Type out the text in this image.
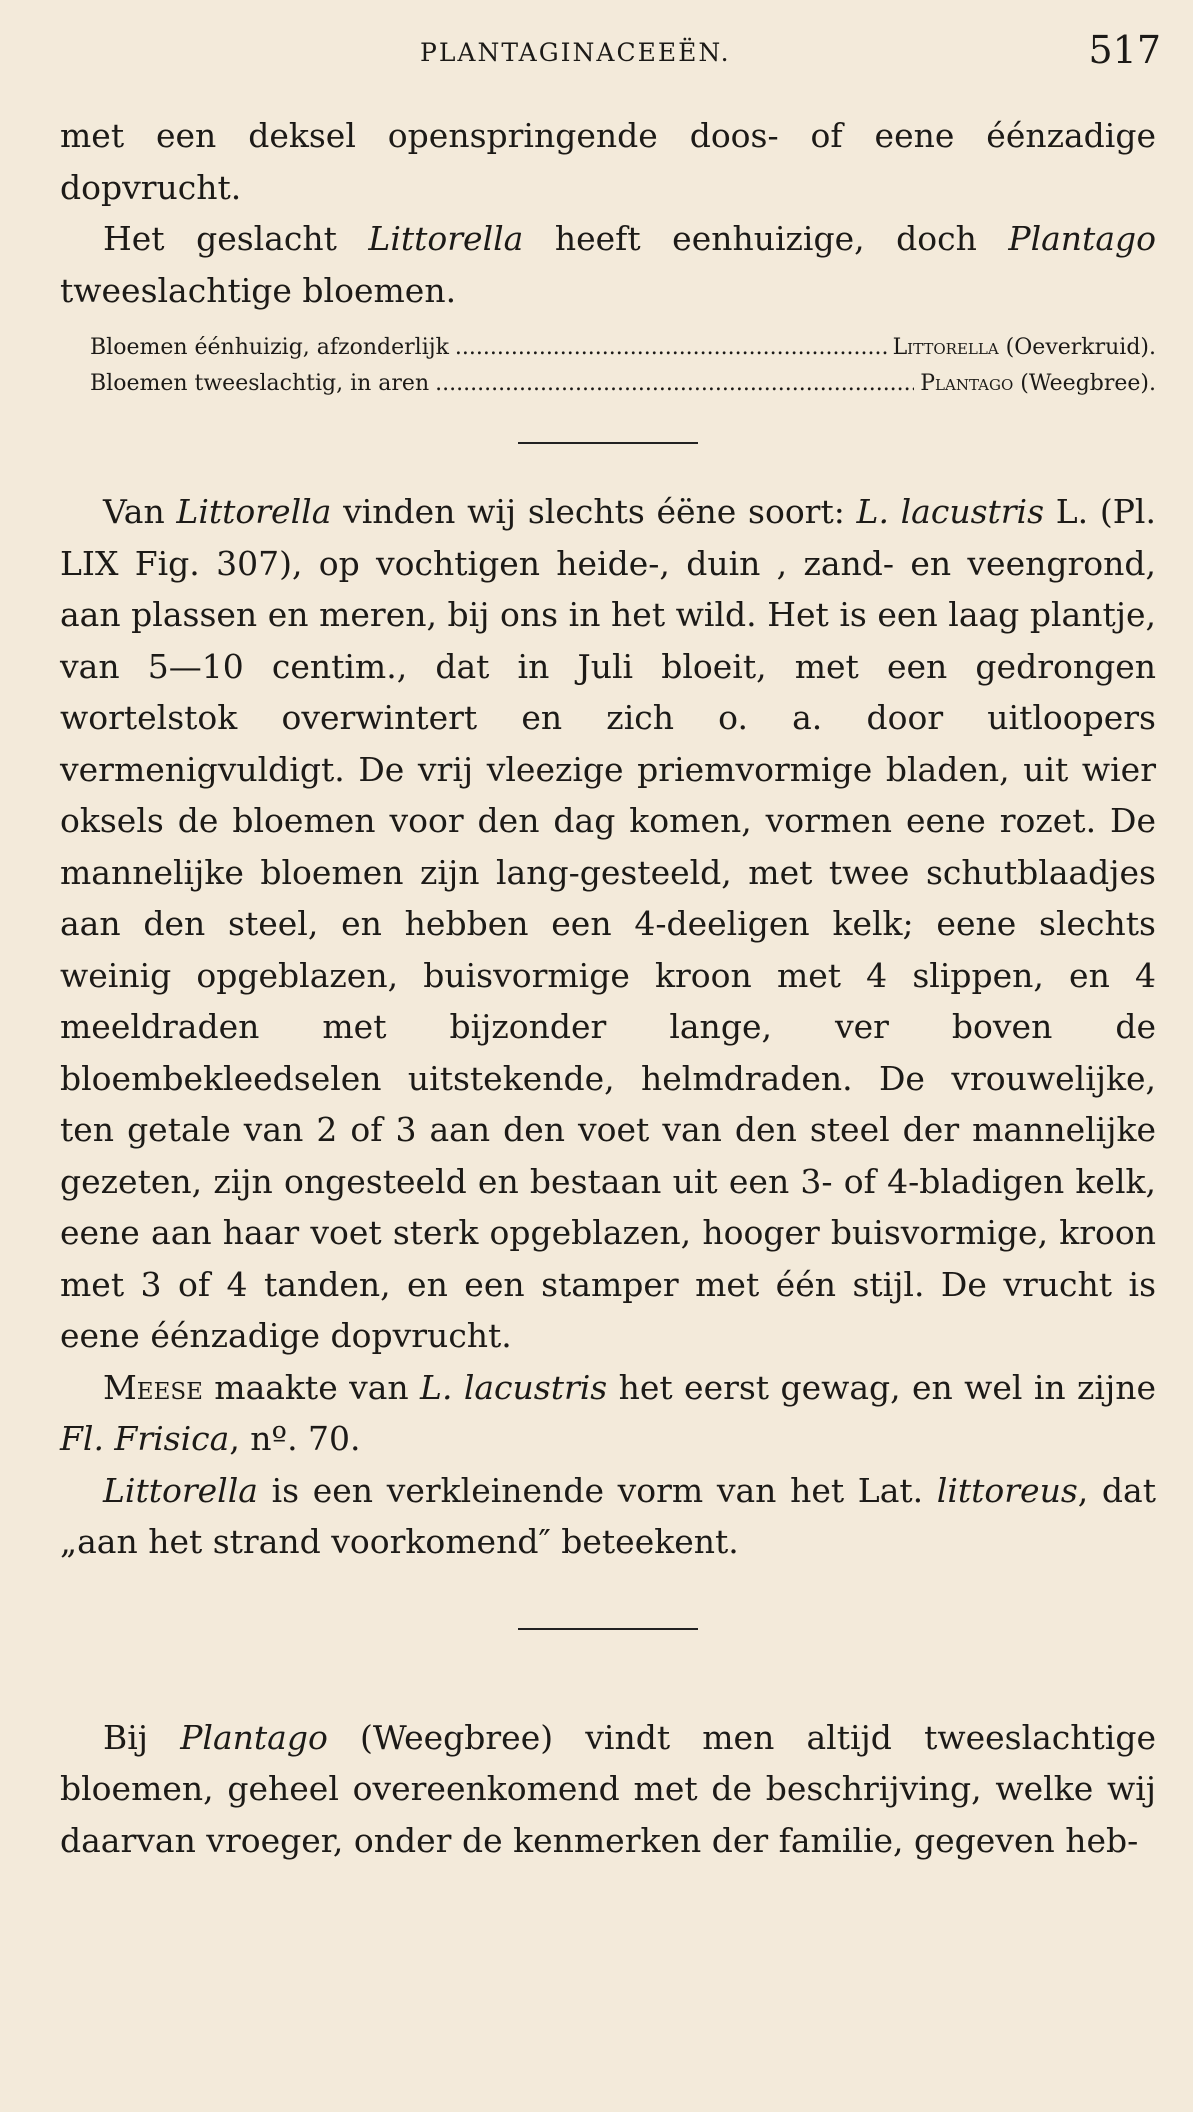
PLANTAGINACEEËN.	517

met een deksel openspringende doos- of eene éénzadige dopvrucht.

Het geslacht Littorella heeft eenhuizige, doch Plantago tweeslachtige bloemen.

Bloemen éénhuizig, afzonderlijk .....	Littorella (Oeverkruid).
Bloemen tweeslachtig, in aren .....	Plantago (Weegbree).

Van Littorella vinden wij slechts éëne soort: L. lacustris L. (Pl. LIX Fig. 307), op vochtigen heide-, duin , zand- en veengrond, aan plassen en meren, bij ons in het wild. Het is een laag plantje, van 5—10 centim., dat in Juli bloeit, met een gedrongen wortelstok overwintert en zich o. a. door uitloopers vermenigvuldigt. De vrij vleezige priemvormige bladen, uit wier oksels de bloemen voor den dag komen, vormen eene rozet. De mannelijke bloemen zijn lang-gesteeld, met twee schutblaadjes aan den steel, en hebben een 4-deeligen kelk; eene slechts weinig opgeblazen, buisvormige kroon met 4 slippen, en 4 meeldraden met bijzonder lange, ver boven de bloembekleedselen uitstekende, helmdraden. De vrouwelijke, ten getale van 2 of 3 aan den voet van den steel der mannelijke gezeten, zijn ongesteeld en bestaan uit een 3- of 4-bladigen kelk, eene aan haar voet sterk opgeblazen, hooger buisvormige, kroon met 3 of 4 tanden, en een stamper met één stijl. De vrucht is eene éénzadige dopvrucht.

Meese maakte van L. lacustris het eerst gewag, en wel in zijne Fl. Frisica, nº. 70.

Littorella is een verkleinende vorm van het Lat. littoreus, dat „aan het strand voorkomend″ beteekent.

Bij Plantago (Weegbree) vindt men altijd tweeslachtige bloemen, geheel overeenkomend met de beschrijving, welke wij daarvan vroeger, onder de kenmerken der familie, gegeven heb-
